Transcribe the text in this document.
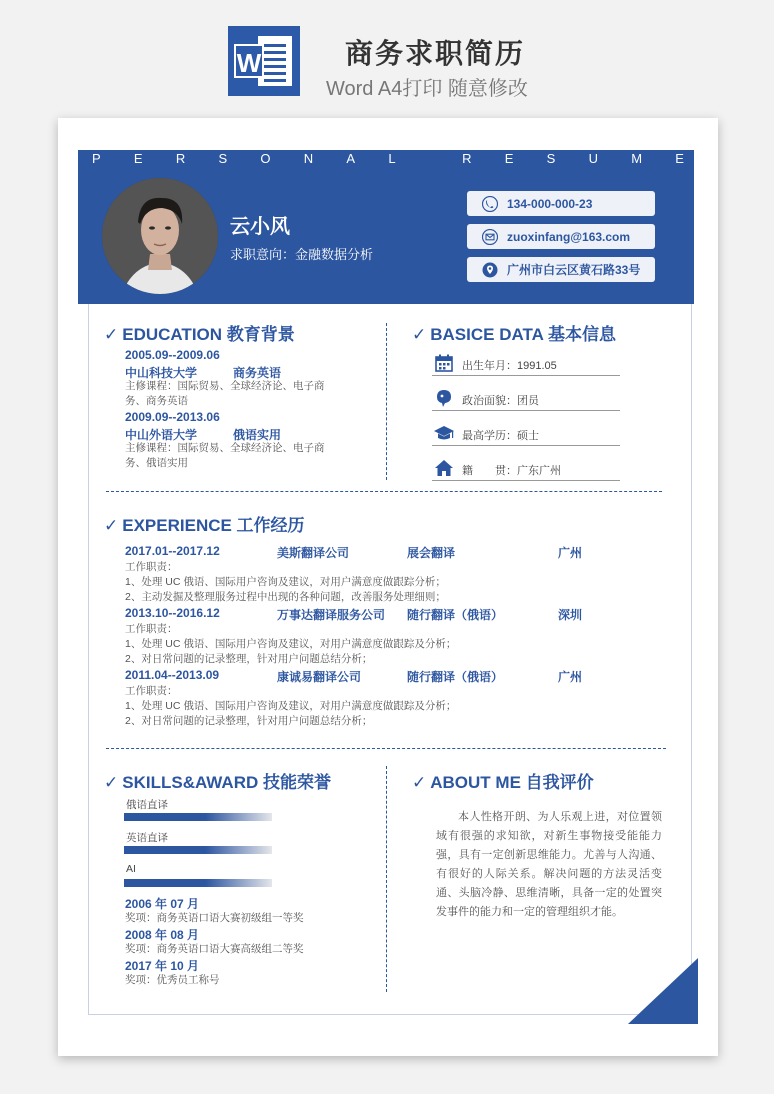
W	商务求职简历
Word A4打印 随意修改
P	E	R	S	O	N	A	L	R	E	S	U	M	E
云小风
求职意向：金融数据分析
134-000-000-23
zuoxinfang@163.com
广州市白云区黄石路33号
✓ EDUCATION 教育背景
2005.09--2009.06
中山科技大学	商务英语
主修课程：国际贸易、全球经济论、电子商
务、商务英语
2009.09--2013.06
中山外语大学	俄语实用
主修课程：国际贸易、全球经济论、电子商
务、俄语实用
✓ BASICE DATA 基本信息
出生年月：1991.05
政治面貌：团员
最高学历：硕士
籍　　贯：广东广州
✓ EXPERIENCE 工作经历
2017.01--2017.12	美斯翻译公司	展会翻译	广州
工作职责：
1、处理 UC 俄语、国际用户咨询及建议，对用户满意度做跟踪分析；
2、主动发掘及整理服务过程中出现的各种问题，改善服务处理细则；
2013.10--2016.12	万事达翻译服务公司 随行翻译（俄语）	深圳
工作职责：
1、处理 UC 俄语、国际用户咨询及建议，对用户满意度做跟踪及分析；
2、对日常问题的记录整理，针对用户问题总结分析；
2011.04--2013.09	康诚易翻译公司	随行翻译（俄语）	广州
工作职责：
1、处理 UC 俄语、国际用户咨询及建议，对用户满意度做跟踪及分析；
2、对日常问题的记录整理，针对用户问题总结分析；
✓ SKILLS&AWARD 技能荣誉
俄语直译
英语直译
AI
2006 年 07 月
奖项：商务英语口语大赛初级组一等奖
2008 年 08 月
奖项：商务英语口语大赛高级组二等奖
2017 年 10 月
奖项：优秀员工称号
✓ ABOUT ME 自我评价
本人性格开朗、为人乐观上进，对位置领域有很强的求知欲，对新生事物接受能能力强，具有一定创新思维能力。尤善与人沟通、有很好的人际关系。解决问题的方法灵活变通、头脑冷静、思维清晰，具备一定的处置突发事件的能力和一定的管理组织才能。
